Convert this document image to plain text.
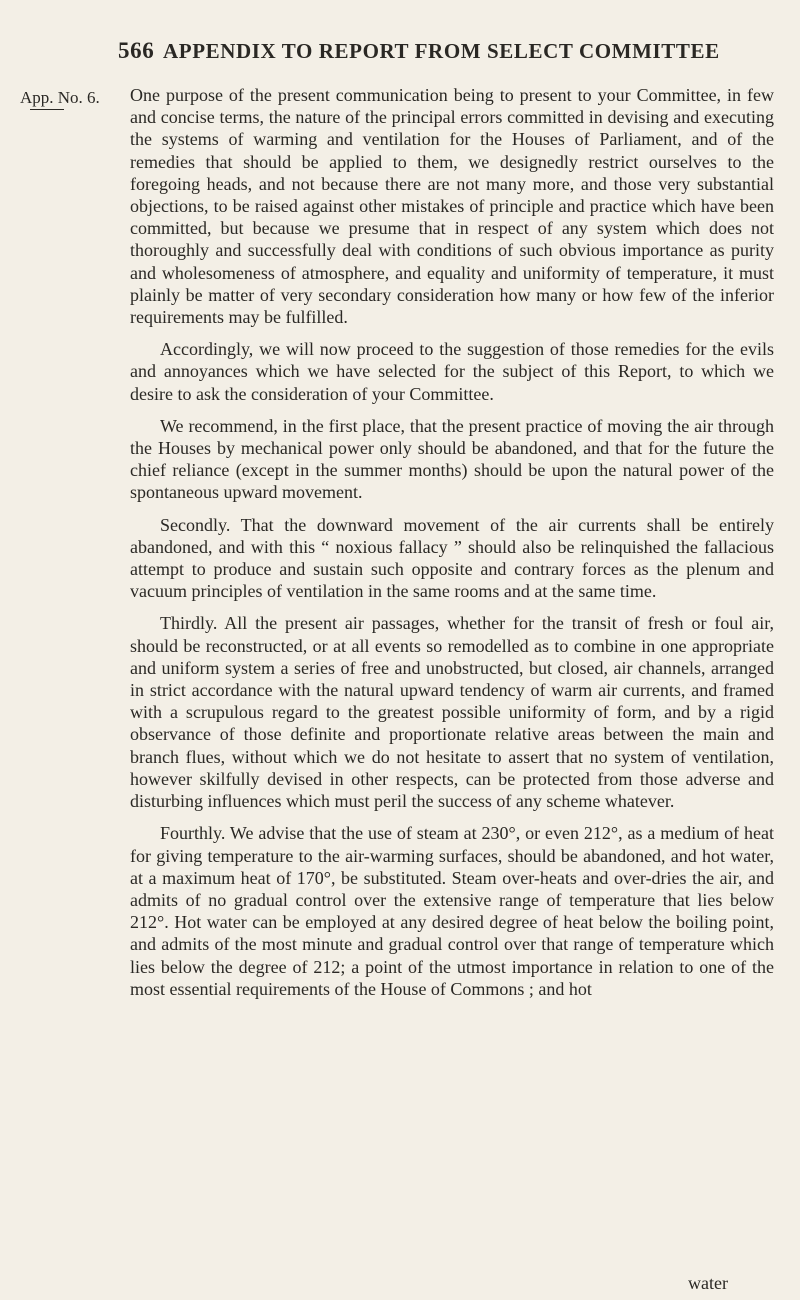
566 APPENDIX TO REPORT FROM SELECT COMMITTEE
App. No. 6. One purpose of the present communication being to present to your Committee, in few and concise terms, the nature of the principal errors committed in devising and executing the systems of warming and ventilation for the Houses of Parliament, and of the remedies that should be applied to them, we designedly restrict ourselves to the foregoing heads, and not because there are not many more, and those very substantial objections, to be raised against other mistakes of principle and practice which have been committed, but because we presume that in respect of any system which does not thoroughly and successfully deal with conditions of such obvious importance as purity and wholesomeness of atmosphere, and equality and uniformity of temperature, it must plainly be matter of very secondary consideration how many or how few of the inferior requirements may be fulfilled.

Accordingly, we will now proceed to the suggestion of those remedies for the evils and annoyances which we have selected for the subject of this Report, to which we desire to ask the consideration of your Committee.

We recommend, in the first place, that the present practice of moving the air through the Houses by mechanical power only should be abandoned, and that for the future the chief reliance (except in the summer months) should be upon the natural power of the spontaneous upward movement.

Secondly. That the downward movement of the air currents shall be entirely abandoned, and with this “ noxious fallacy ” should also be relinquished the fallacious attempt to produce and sustain such opposite and contrary forces as the plenum and vacuum principles of ventilation in the same rooms and at the same time.

Thirdly. All the present air passages, whether for the transit of fresh or foul air, should be reconstructed, or at all events so remodelled as to combine in one appropriate and uniform system a series of free and unobstructed, but closed, air channels, arranged in strict accordance with the natural upward tendency of warm air currents, and framed with a scrupulous regard to the greatest possible uniformity of form, and by a rigid observance of those definite and proportionate relative areas between the main and branch flues, without which we do not hesitate to assert that no system of ventilation, however skilfully devised in other respects, can be protected from those adverse and disturbing influences which must peril the success of any scheme whatever.

Fourthly. We advise that the use of steam at 230°, or even 212°, as a medium of heat for giving temperature to the air-warming surfaces, should be abandoned, and hot water, at a maximum heat of 170°, be substituted. Steam over-heats and over-dries the air, and admits of no gradual control over the extensive range of temperature that lies below 212°. Hot water can be employed at any desired degree of heat below the boiling point, and admits of the most minute and gradual control over that range of temperature which lies below the degree of 212; a point of the utmost importance in relation to one of the most essential requirements of the House of Commons ; and hot

water
